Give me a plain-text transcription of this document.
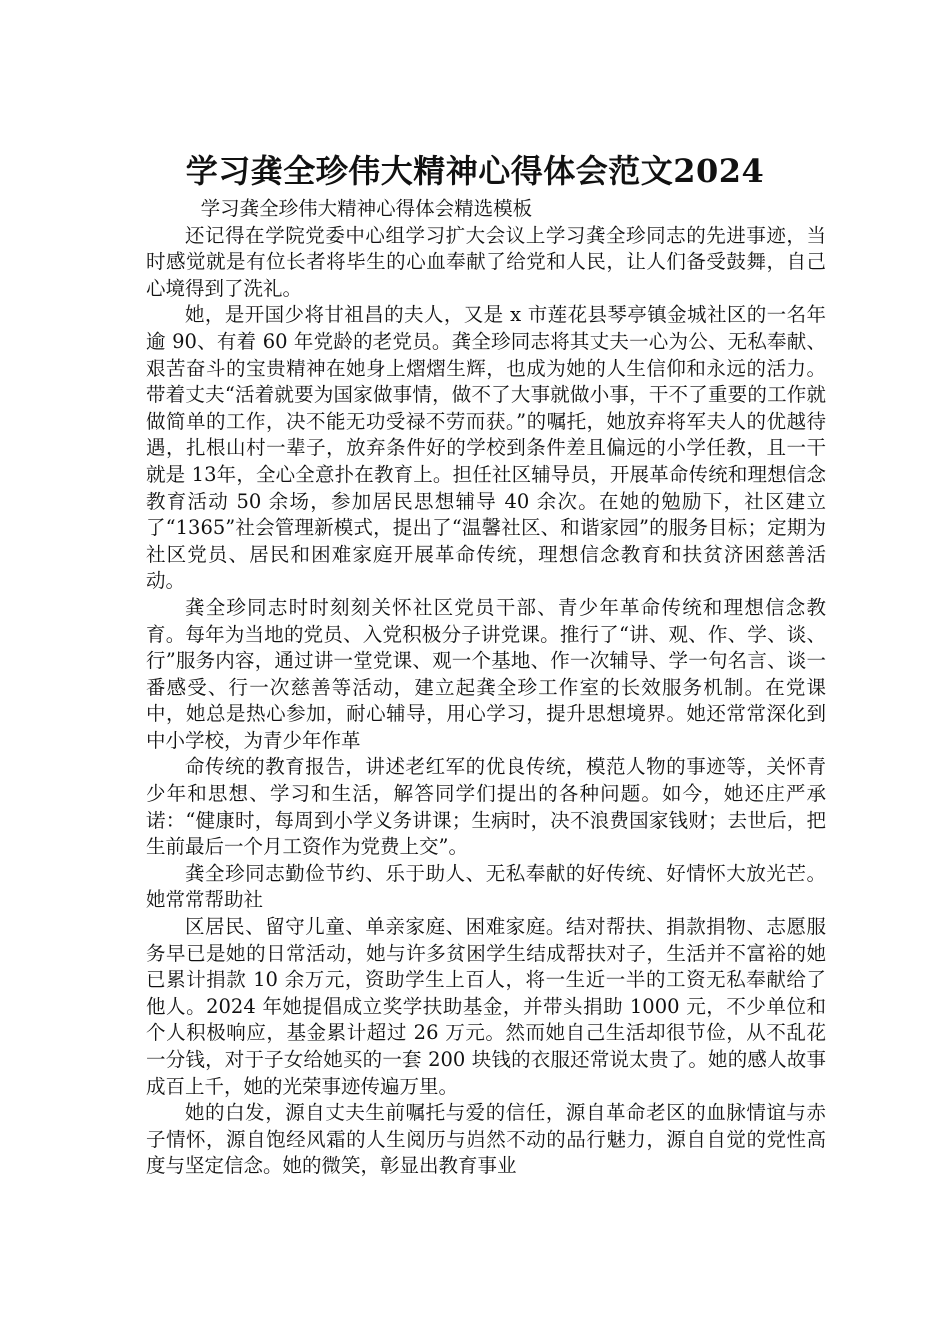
学习龚全珍伟大精神心得体会范文2024

学习龚全珍伟大精神心得体会精选模板

还记得在学院党委中心组学习扩大会议上学习龚全珍同志的先进事迹，当时感觉就是有位长者将毕生的心血奉献了给党和人民，让人们备受鼓舞，自己心境得到了洗礼。

她，是开国少将甘祖昌的夫人，又是 x 市莲花县琴亭镇金城社区的一名年逾 90、有着 60 年党龄的老党员。龚全珍同志将其丈夫一心为公、无私奉献、艰苦奋斗的宝贵精神在她身上熠熠生辉，也成为她的人生信仰和永远的活力。带着丈夫“活着就要为国家做事情，做不了大事就做小事，干不了重要的工作就做简单的工作，决不能无功受禄不劳而获。”的嘱托，她放弃将军夫人的优越待遇，扎根山村一辈子，放弃条件好的学校到条件差且偏远的小学任教，且一干就是 13年，全心全意扑在教育上。担任社区辅导员，开展革命传统和理想信念教育活动 50 余场，参加居民思想辅导 40 余次。在她的勉励下，社区建立了“1365”社会管理新模式，提出了“温馨社区、和谐家园”的服务目标；定期为社区党员、居民和困难家庭开展革命传统，理想信念教育和扶贫济困慈善活动。

龚全珍同志时时刻刻关怀社区党员干部、青少年革命传统和理想信念教育。每年为当地的党员、入党积极分子讲党课。推行了“讲、观、作、学、谈、行”服务内容，通过讲一堂党课、观一个基地、作一次辅导、学一句名言、谈一番感受、行一次慈善等活动，建立起龚全珍工作室的长效服务机制。在党课中，她总是热心参加，耐心辅导，用心学习，提升思想境界。她还常常深化到中小学校，为青少年作革

命传统的教育报告，讲述老红军的优良传统，模范人物的事迹等，关怀青少年和思想、学习和生活，解答同学们提出的各种问题。如今，她还庄严承诺：“健康时，每周到小学义务讲课；生病时，决不浪费国家钱财；去世后，把生前最后一个月工资作为党费上交”。

龚全珍同志勤俭节约、乐于助人、无私奉献的好传统、好情怀大放光芒。她常常帮助社

区居民、留守儿童、单亲家庭、困难家庭。结对帮扶、捐款捐物、志愿服务早已是她的日常活动，她与许多贫困学生结成帮扶对子，生活并不富裕的她已累计捐款 10 余万元，资助学生上百人，将一生近一半的工资无私奉献给了他人。2024 年她提倡成立奖学扶助基金，并带头捐助 1000 元，不少单位和个人积极响应，基金累计超过 26 万元。然而她自己生活却很节俭，从不乱花一分钱，对于子女给她买的一套 200 块钱的衣服还常说太贵了。她的感人故事成百上千，她的光荣事迹传遍万里。

她的白发，源自丈夫生前嘱托与爱的信任，源自革命老区的血脉情谊与赤子情怀，源自饱经风霜的人生阅历与岿然不动的品行魅力，源自自觉的党性高度与坚定信念。她的微笑，彰显出教育事业
